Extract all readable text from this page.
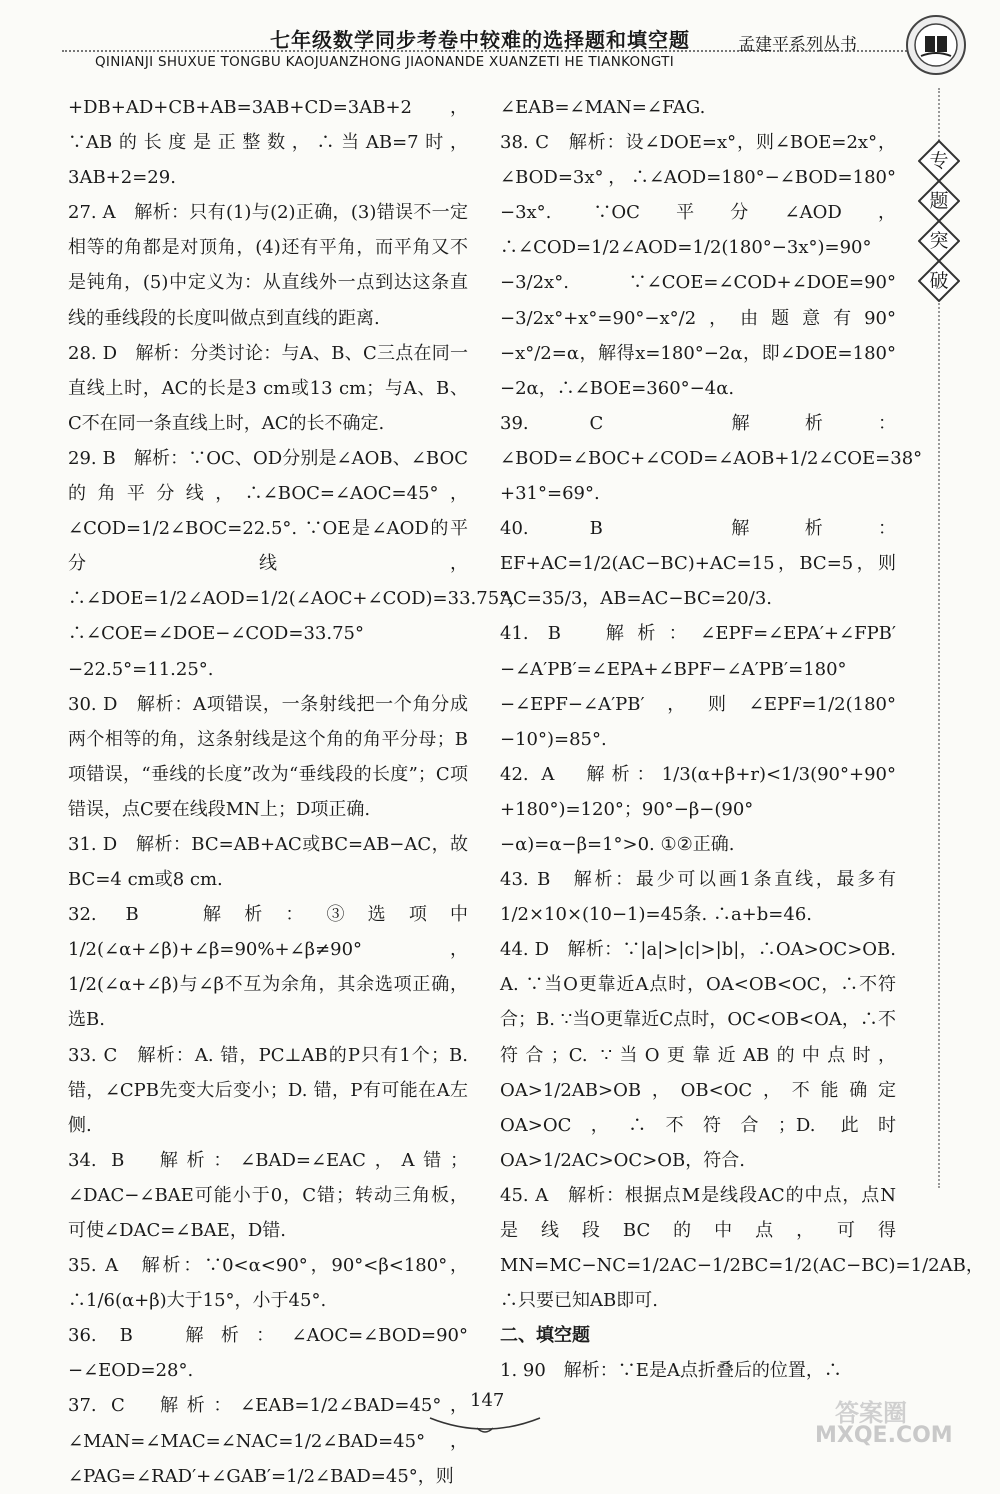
七年级数学同步考卷中较难的选择题和填空题	孟建平系列丛书
QINIANJI SHUXUE TONGBU KAOJUANZHONG JIAONANDE XUANZETI HE TIANKONGTI
专
题
突
破

+DB+AD+CB+AB=3AB+CD=3AB+2，∵AB的长度是正整数，∴当AB=7时，3AB+2=29.

27. A　解析：只有(1)与(2)正确，(3)错误不一定相等的角都是对顶角，(4)还有平角，而平角又不是钝角，(5)中定义为：从直线外一点到达这条直线的垂线段的长度叫做点到直线的距离.

28. D　解析：分类讨论：与A、B、C三点在同一直线上时，AC的长是3 cm或13 cm；与A、B、C不在同一条直线上时，AC的长不确定.

29. B　解析：∵OC、OD分别是∠AOB、∠BOC的角平分线，∴∠BOC=∠AOC=45°，∠COD=1/2∠BOC=22.5°. ∵OE是∠AOD的平分线，∴∠DOE=1/2∠AOD=1/2(∠AOC+∠COD)=33.75°，∴∠COE=∠DOE−∠COD=33.75°−22.5°=11.25°.

30. D　解析：A项错误，一条射线把一个角分成两个相等的角，这条射线是这个角的角平分母；B项错误，“垂线的长度”改为“垂线段的长度”；C项错误，点C要在线段MN上；D项正确.

31. D　解析：BC=AB+AC或BC=AB−AC，故BC=4 cm或8 cm.

32. B　解析：③选项中1/2(∠α+∠β)+∠β=90%+∠β≠90°，1/2(∠α+∠β)与∠β不互为余角，其余选项正确，选B.

33. C　解析：A. 错，PC⊥AB的P只有1个；B. 错，∠CPB先变大后变小；D. 错，P有可能在A左侧.

34. B　解析：∠BAD=∠EAC，A错；∠DAC−∠BAE可能小于0，C错；转动三角板，可使∠DAC=∠BAE，D错.

35. A　解析：∵0<α<90°，90°<β<180°，∴1/6(α+β)大于15°，小于45°.

36. B　解析：∠AOC=∠BOD=90°−∠EOD=28°.

37. C　解析：∠EAB=1/2∠BAD=45°，∠MAN=∠MAC=∠NAC=1/2∠BAD=45°，∠PAG=∠RAD′+∠GAB′=1/2∠BAD=45°，则

∠EAB=∠MAN=∠FAG.

38. C　解析：设∠DOE=x°，则∠BOE=2x°，∠BOD=3x°，∴∠AOD=180°−∠BOD=180°−3x°. ∵OC平分∠AOD，∴∠COD=1/2∠AOD=1/2(180°−3x°)=90°−3/2x°. ∵∠COE=∠COD+∠DOE=90°−3/2x°+x°=90°−x°/2，由题意有90°−x°/2=α，解得x=180°−2α，即∠DOE=180°−2α，∴∠BOE=360°−4α.

39. C　解析：∠BOD=∠BOC+∠COD=∠AOB+1/2∠COE=38°+31°=69°.

40. B　解析：EF+AC=1/2(AC−BC)+AC=15，BC=5，则AC=35/3，AB=AC−BC=20/3.

41. B　解析：∠EPF=∠EPA′+∠FPB′−∠A′PB′=∠EPA+∠BPF−∠A′PB′=180°−∠EPF−∠A′PB′，则∠EPF=1/2(180°−10°)=85°.

42. A　解析：1/3(α+β+r)<1/3(90°+90°+180°)=120°；90°−β−(90°−α)=α−β=1°>0. ①②正确.

43. B　解析：最少可以画1条直线，最多有1/2×10×(10−1)=45条. ∴a+b=46.

44. D　解析：∵|a|>|c|>|b|，∴OA>OC>OB. A. ∵当O更靠近A点时，OA<OB<OC，∴不符合；B. ∵当O更靠近C点时，OC<OB<OA，∴不符合；C. ∵当O更靠近AB的中点时，OA>1/2AB>OB，OB<OC，不能确定OA>OC，∴不符合；D. 此时OA>1/2AC>OC>OB，符合.

45. A　解析：根据点M是线段AC的中点，点N是线段BC的中点，可得MN=MC−NC=1/2AC−1/2BC=1/2(AC−BC)=1/2AB，∴只要已知AB即可.

二、填空题

1. 90　解析：∵E是A点折叠后的位置，∴

147	答案圈
MXQE.COM
